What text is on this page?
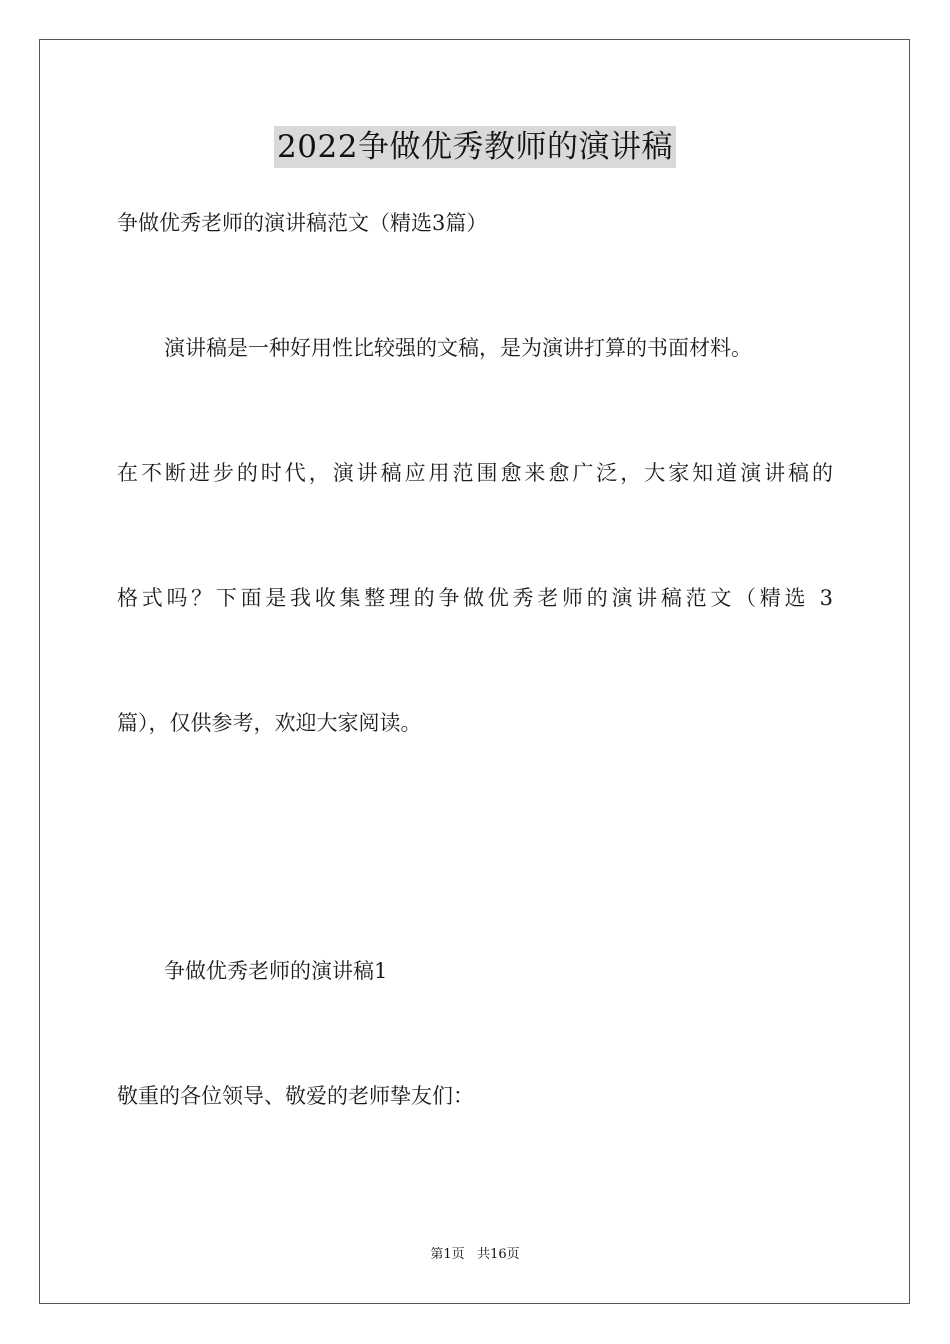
2022争做优秀教师的演讲稿
争做优秀老师的演讲稿范文（精选3篇）
演讲稿是一种好用性比较强的文稿，是为演讲打算的书面材料。
在不断进步的时代，演讲稿应用范围愈来愈广泛，大家知道演讲稿的
格式吗？下面是我收集整理的争做优秀老师的演讲稿范文（精选 3
篇），仅供参考，欢迎大家阅读。
争做优秀老师的演讲稿1
敬重的各位领导、敬爱的老师挚友们：
第1页 共16页
